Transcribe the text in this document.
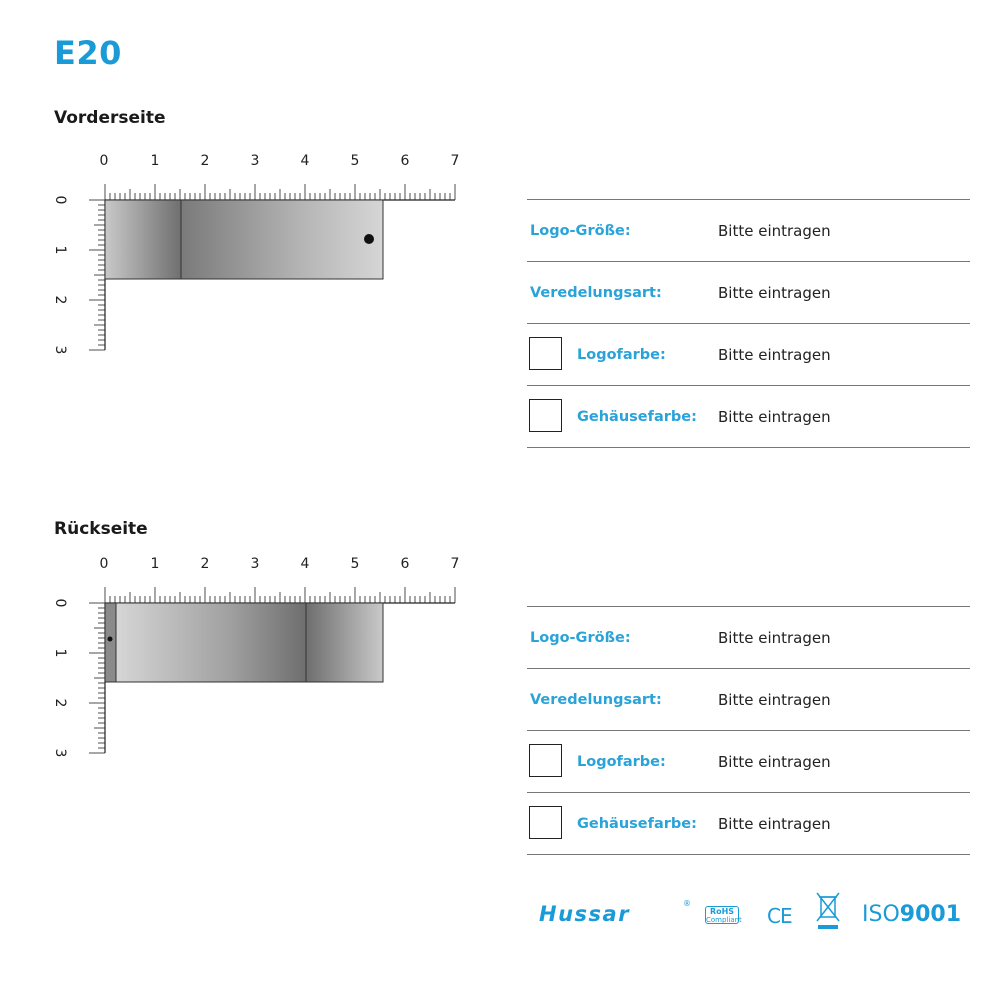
E20
Vorderseite
0	1	2	3	4	5	6	7
0
1
2
3
Logo-Größe:	Bitte eintragen
Veredelungsart:	Bitte eintragen
Logofarbe:	Bitte eintragen
Gehäusefarbe: Bitte eintragen
Rückseite
0	1	2	3	4	5	6	7
0
1
2
3
Logo-Größe:	Bitte eintragen
Veredelungsart:	Bitte eintragen
Logofarbe:	Bitte eintragen
Gehäusefarbe: Bitte eintragen
Hussar	®
RoHS
Compliant CE	ISO9001
